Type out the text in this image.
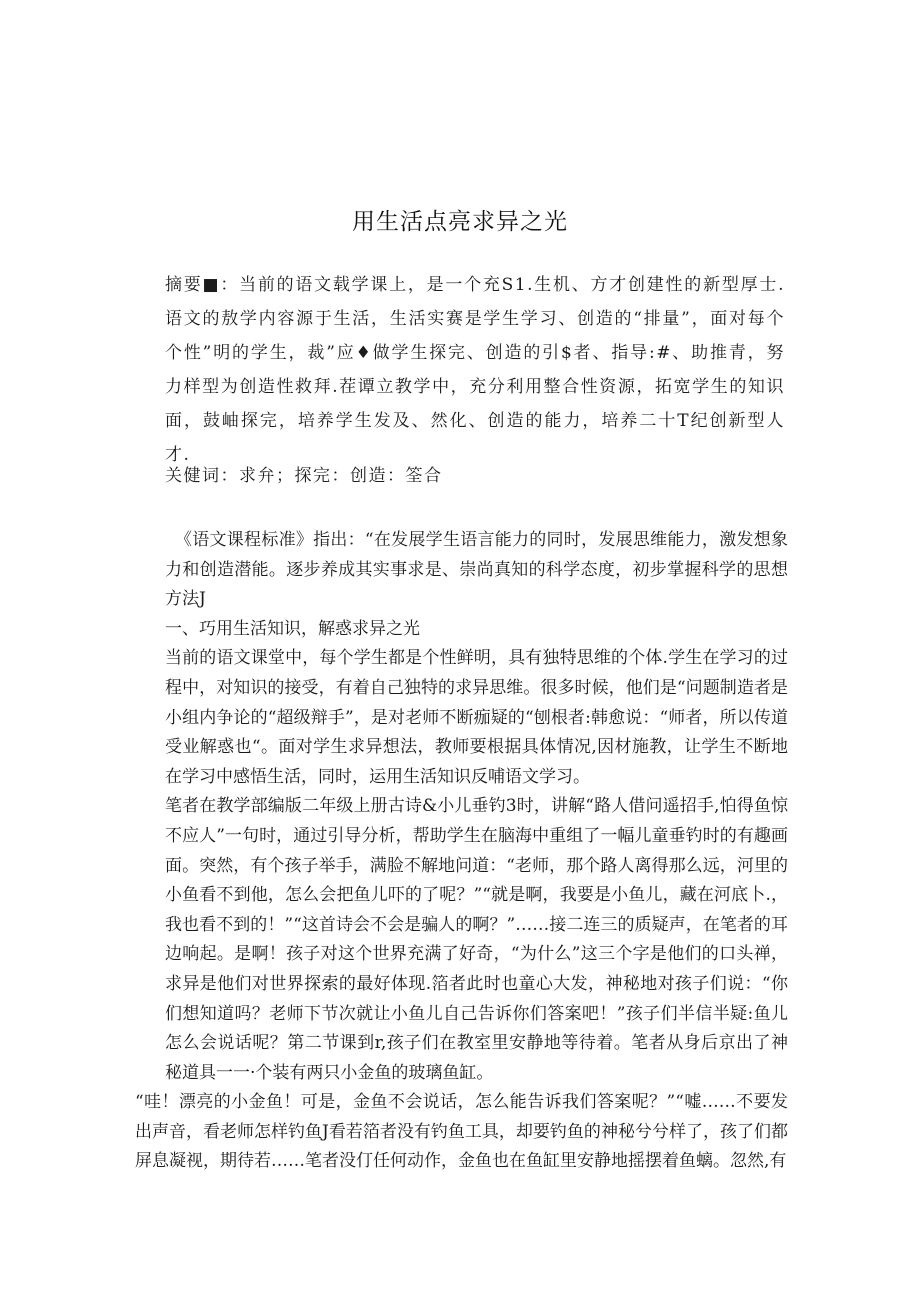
用生活点亮求异之光
摘要■：当前的语文载学课上，是一个充S1.生机、方才创建性的新型厚士.语文的敖学内容源于生活，生活实赛是学生学习、创造的“排量”，面对每个个性”明的学生，裁”应♦做学生探完、创造的引$者、指导:#、助推青，努力样型为创造性救拜.茬谭立教学中，充分利用整合性资源，拓宽学生的知识面，鼓岫探完，培养学生发及、然化、创造的能力，培养二十T纪创新型人才.
关健词：求弁；探完：创造：筌合

《语文课程标准》指出：“在发展学生语言能力的同时，发展思维能力，激发想象力和创造潜能。逐步养成其实事求是、崇尚真知的科学态度，初步掌握科学的思想方法J

一、巧用生活知识，解惑求异之光

当前的语文课堂中，每个学生都是个性鲜明，具有独特思维的个体.学生在学习的过程中，对知识的接受，有着自己独特的求异思维。很多时候，他们是“问题制造者是小组内争论的“超级辩手”，是对老师不断痂疑的“刨根者:韩愈说：“师者，所以传道受业解惑也“。面对学生求异想法，教师要根据具体情况,因材施教，让学生不断地在学习中感悟生活，同时，运用生活知识反哺语文学习。

笔者在教学部编版二年级上册古诗&小儿垂钓3时，讲解“路人借问遥招手,怕得鱼惊不应人”一句时，通过引导分析，帮助学生在脑海中重组了一幅儿童垂钓时的有趣画面。突然，有个孩子举手，满脸不解地问道：“老师，那个路人离得那么远，河里的小鱼看不到他，怎么会把鱼儿吓的了呢？”“就是啊，我要是小鱼儿，藏在河底卜.，我也看不到的！”“这首诗会不会是骗人的啊？”……接二连三的质疑声，在笔者的耳边响起。是啊！孩子对这个世界充满了好奇，“为什么”这三个字是他们的口头禅，求异是他们对世界探索的最好体现.箔者此时也童心大发，神秘地对孩子们说：“你们想知道吗？老师下节次就让小鱼儿自己告诉你们答案吧！”孩子们半信半疑:鱼儿怎么会说话呢？第二节课到r,孩子们在教室里安静地等待着。笔者从身后京出了神秘道具一一·个装有两只小金鱼的玻璃鱼缸。

“哇！漂亮的小金鱼！可是，金鱼不会说话，怎么能告诉我们答案呢？”“嘘……不要发出声音，看老师怎样钓鱼J看若箔者没有钓鱼工具，却要钓鱼的神秘兮兮样了，孩了们都屏息凝视，期待若……笔者没仃任何动作，金鱼也在鱼缸里安静地摇摆着鱼螭。忽然,有
